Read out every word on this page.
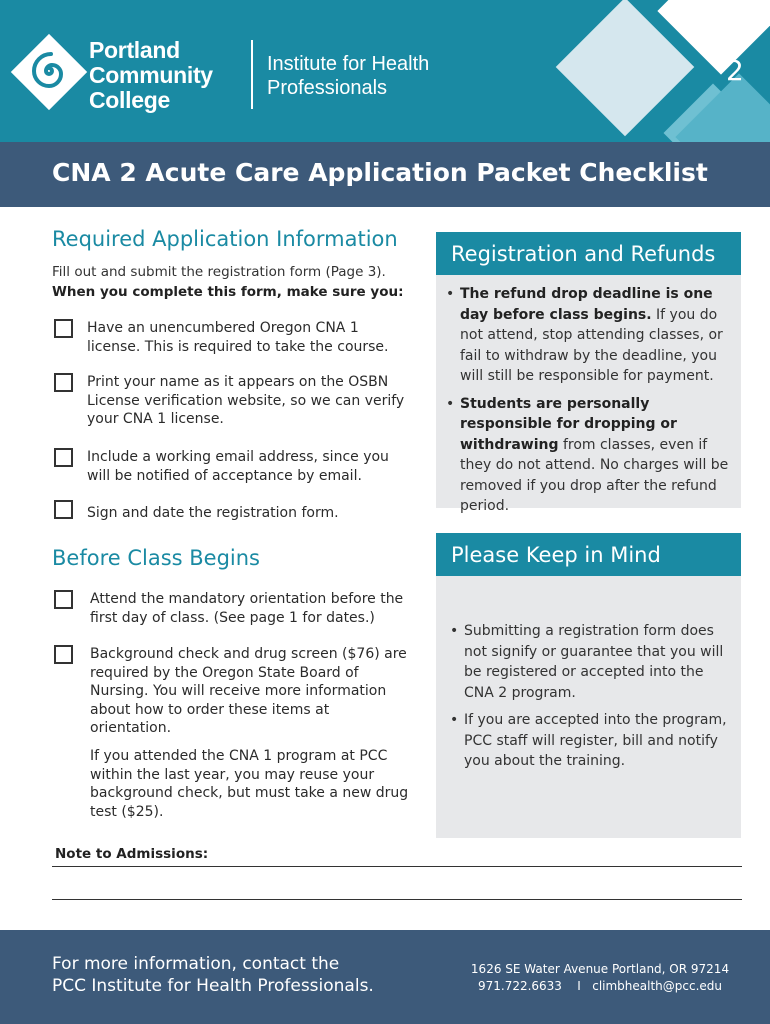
Portland
Community
College
Institute for Health
Professionals
2
CNA 2 Acute Care Application Packet Checklist
Required Application Information
Fill out and submit the registration form (Page 3).
When you complete this form, make sure you:
Have an unencumbered Oregon CNA 1 license. This is required to take the course.
Print your name as it appears on the OSBN License verification website, so we can verify your CNA 1 license.
Include a working email address, since you will be notified of acceptance by email.
Sign and date the registration form.
Before Class Begins
Attend the mandatory orientation before the first day of class. (See page 1 for dates.)
Background check and drug screen ($76) are required by the Oregon State Board of Nursing. You will receive more information about how to order these items at orientation.
If you attended the CNA 1 program at PCC within the last year, you may reuse your background check, but must take a new drug test ($25).
Registration and Refunds
• The refund drop deadline is one day before class begins. If you do not attend, stop attending classes, or fail to withdraw by the deadline, you will still be responsible for payment.
• Students are personally responsible for dropping or withdrawing from classes, even if they do not attend. No charges will be removed if you drop after the refund period.
Please Keep in Mind
• Submitting a registration form does not signify or guarantee that you will be registered or accepted into the CNA 2 program.
• If you are accepted into the program, PCC staff will register, bill and notify you about the training.
Note to Admissions:
For more information, contact the
PCC Institute for Health Professionals.
1626 SE Water Avenue Portland, OR 97214
971.722.6633 I climbhealth@pcc.edu
